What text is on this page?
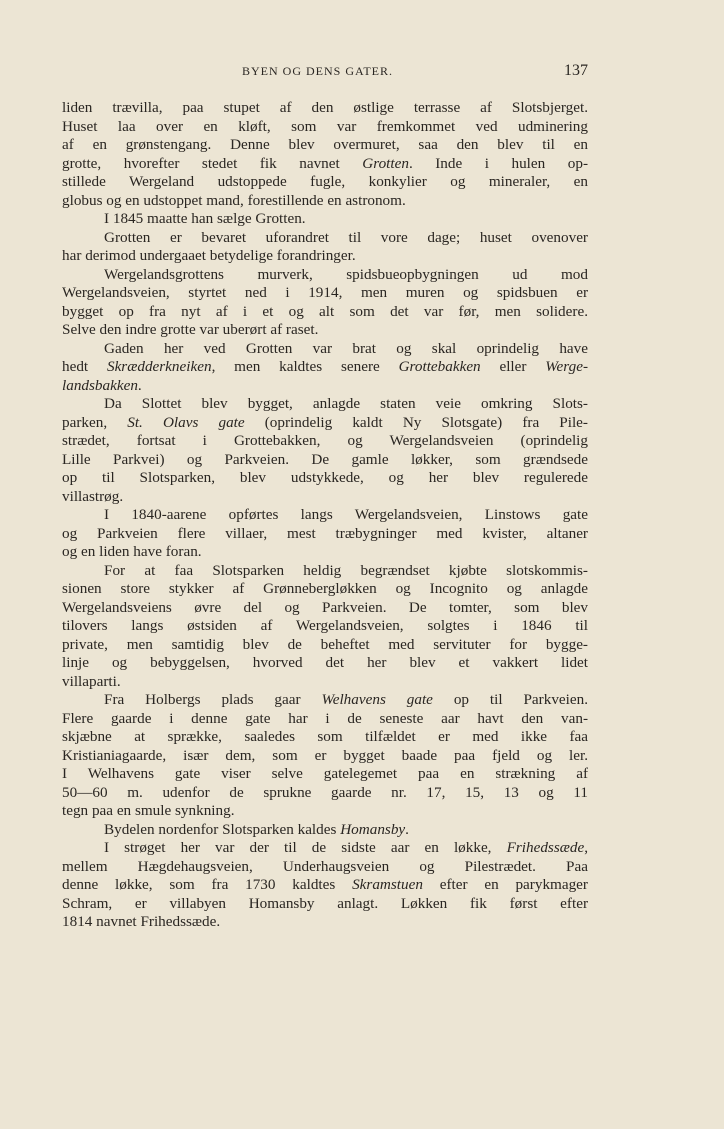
BYEN OG DENS GATER.	137
liden trævilla, paa stupet af den østlige terrasse af Slotsbjerget.
Huset laa over en kløft, som var fremkommet ved udminering
af en grønstengang. Denne blev overmuret, saa den blev til en
grotte, hvorefter stedet fik navnet Grotten. Inde i hulen op-
stillede Wergeland udstoppede fugle, konkylier og mineraler, en
globus og en udstoppet mand, forestillende en astronom.
I 1845 maatte han sælge Grotten.
Grotten er bevaret uforandret til vore dage; huset ovenover
har derimod undergaaet betydelige forandringer.
Wergelandsgrottens murverk, spidsbueopbygningen ud mod
Wergelandsveien, styrtet ned i 1914, men muren og spidsbuen er
bygget op fra nyt af i et og alt som det var før, men solidere.
Selve den indre grotte var uberørt af raset.
Gaden her ved Grotten var brat og skal oprindelig have
hedt Skrædderkneiken, men kaldtes senere Grottebakken eller Werge-
landsbakken.
Da Slottet blev bygget, anlagde staten veie omkring Slots-
parken, St. Olavs gate (oprindelig kaldt Ny Slotsgate) fra Pile-
strædet, fortsat i Grottebakken, og Wergelandsveien (oprindelig
Lille Parkvei) og Parkveien. De gamle løkker, som grændsede
op til Slotsparken, blev udstykkede, og her blev regulerede
villastrøg.
I 1840-aarene opførtes langs Wergelandsveien, Linstows gate
og Parkveien flere villaer, mest træbygninger med kvister, altaner
og en liden have foran.
For at faa Slotsparken heldig begrændset kjøbte slotskommis-
sionen store stykker af Grønnebergløkken og Incognito og anlagde
Wergelandsveiens øvre del og Parkveien. De tomter, som blev
tilovers langs østsiden af Wergelandsveien, solgtes i 1846 til
private, men samtidig blev de beheftet med servituter for bygge-
linje og bebyggelsen, hvorved det her blev et vakkert lidet
villaparti.
Fra Holbergs plads gaar Welhavens gate op til Parkveien.
Flere gaarde i denne gate har i de seneste aar havt den van-
skjæbne at sprække, saaledes som tilfældet er med ikke faa
Kristianiagaarde, især dem, som er bygget baade paa fjeld og ler.
I Welhavens gate viser selve gatelegemet paa en strækning af
50—60 m. udenfor de sprukne gaarde nr. 17, 15, 13 og 11
tegn paa en smule synkning.
Bydelen nordenfor Slotsparken kaldes Homansby.
I strøget her var der til de sidste aar en løkke, Frihedssæde,
mellem Hægdehaugsveien, Underhaugsveien og Pilestrædet. Paa
denne løkke, som fra 1730 kaldtes Skramstuen efter en parykmager
Schram, er villabyen Homansby anlagt. Løkken fik først efter
1814 navnet Frihedssæde.
